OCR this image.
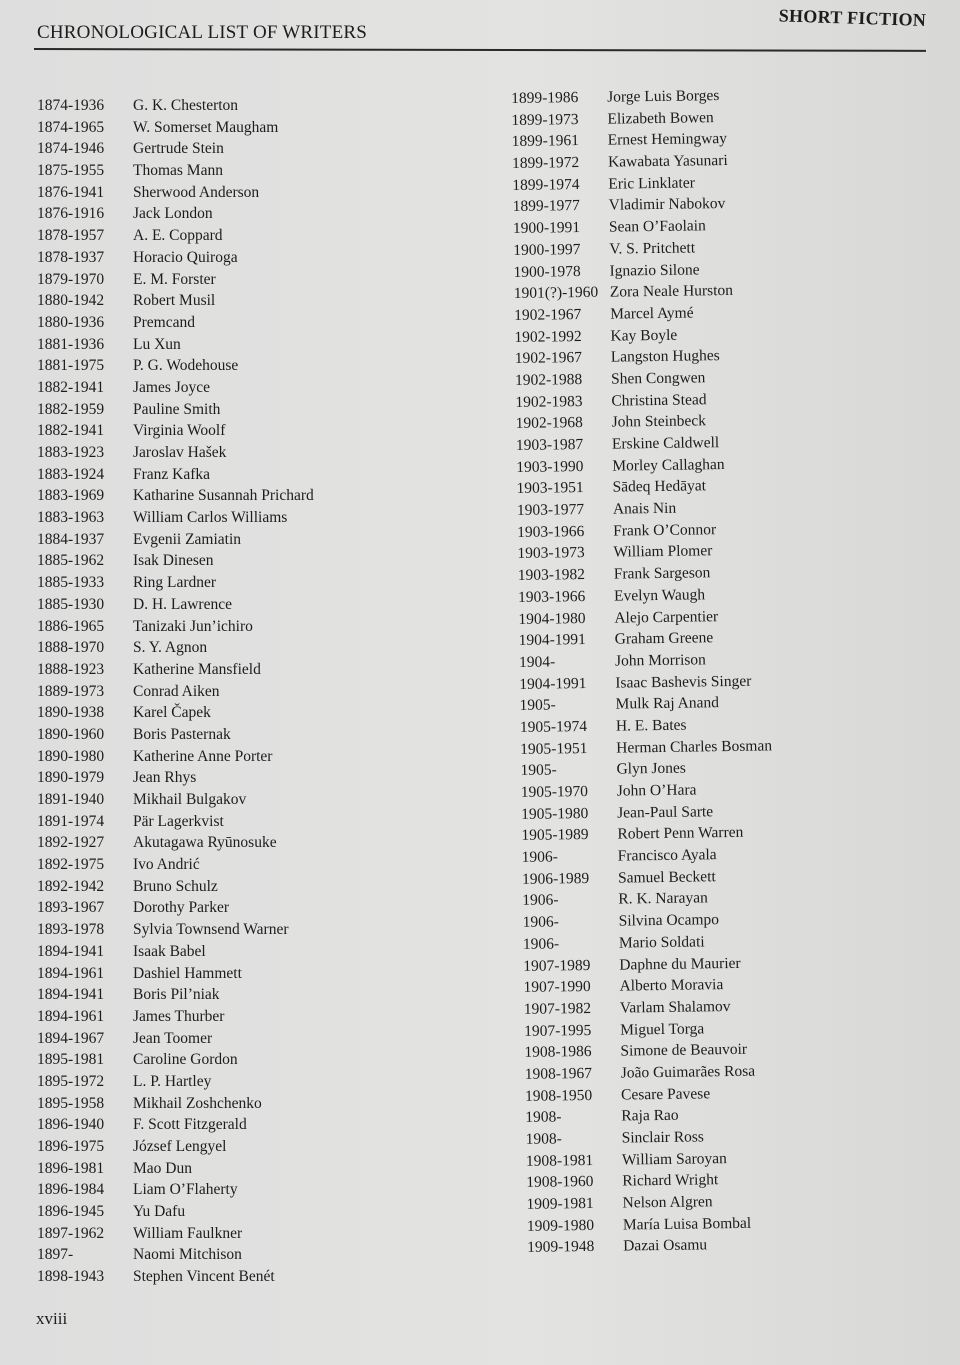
CHRONOLOGICAL LIST OF WRITERS
SHORT FICTION
1874-1936	G. K. Chesterton
1874-1965	W. Somerset Maugham
1874-1946	Gertrude Stein
1875-1955	Thomas Mann
1876-1941	Sherwood Anderson
1876-1916	Jack London
1878-1957	A. E. Coppard
1878-1937	Horacio Quiroga
1879-1970	E. M. Forster
1880-1942	Robert Musil
1880-1936	Premcand
1881-1936	Lu Xun
1881-1975	P. G. Wodehouse
1882-1941	James Joyce
1882-1959	Pauline Smith
1882-1941	Virginia Woolf
1883-1923	Jaroslav Hašek
1883-1924	Franz Kafka
1883-1969	Katharine Susannah Prichard
1883-1963	William Carlos Williams
1884-1937	Evgenii Zamiatin
1885-1962	Isak Dinesen
1885-1933	Ring Lardner
1885-1930	D. H. Lawrence
1886-1965	Tanizaki Jun’ichiro
1888-1970	S. Y. Agnon
1888-1923	Katherine Mansfield
1889-1973	Conrad Aiken
1890-1938	Karel Čapek
1890-1960	Boris Pasternak
1890-1980	Katherine Anne Porter
1890-1979	Jean Rhys
1891-1940	Mikhail Bulgakov
1891-1974	Pär Lagerkvist
1892-1927	Akutagawa Ryūnosuke
1892-1975	Ivo Andrić
1892-1942	Bruno Schulz
1893-1967	Dorothy Parker
1893-1978	Sylvia Townsend Warner
1894-1941	Isaak Babel
1894-1961	Dashiel Hammett
1894-1941	Boris Pil’niak
1894-1961	James Thurber
1894-1967	Jean Toomer
1895-1981	Caroline Gordon
1895-1972	L. P. Hartley
1895-1958	Mikhail Zoshchenko
1896-1940	F. Scott Fitzgerald
1896-1975	József Lengyel
1896-1981	Mao Dun
1896-1984	Liam O’Flaherty
1896-1945	Yu Dafu
1897-1962	William Faulkner
1897-	Naomi Mitchison
1898-1943	Stephen Vincent Benét
1899-1986	Jorge Luis Borges
1899-1973	Elizabeth Bowen
1899-1961	Ernest Hemingway
1899-1972	Kawabata Yasunari
1899-1974	Eric Linklater
1899-1977	Vladimir Nabokov
1900-1991	Sean O’Faolain
1900-1997	V. S. Pritchett
1900-1978	Ignazio Silone
1901(?)-1960 Zora Neale Hurston
1902-1967	Marcel Aymé
1902-1992	Kay Boyle
1902-1967	Langston Hughes
1902-1988	Shen Congwen
1902-1983	Christina Stead
1902-1968	John Steinbeck
1903-1987	Erskine Caldwell
1903-1990	Morley Callaghan
1903-1951	Sādeq Hedāyat
1903-1977	Anais Nin
1903-1966	Frank O’Connor
1903-1973	William Plomer
1903-1982	Frank Sargeson
1903-1966	Evelyn Waugh
1904-1980	Alejo Carpentier
1904-1991	Graham Greene
1904-	John Morrison
1904-1991	Isaac Bashevis Singer
1905-	Mulk Raj Anand
1905-1974	H. E. Bates
1905-1951	Herman Charles Bosman
1905-	Glyn Jones
1905-1970	John O’Hara
1905-1980	Jean-Paul Sarte
1905-1989	Robert Penn Warren
1906-	Francisco Ayala
1906-1989	Samuel Beckett
1906-	R. K. Narayan
1906-	Silvina Ocampo
1906-	Mario Soldati
1907-1989	Daphne du Maurier
1907-1990	Alberto Moravia
1907-1982	Varlam Shalamov
1907-1995	Miguel Torga
1908-1986	Simone de Beauvoir
1908-1967	João Guimarães Rosa
1908-1950	Cesare Pavese
1908-	Raja Rao
1908-	Sinclair Ross
1908-1981	William Saroyan
1908-1960	Richard Wright
1909-1981	Nelson Algren
1909-1980	María Luisa Bombal
1909-1948	Dazai Osamu
xviii
